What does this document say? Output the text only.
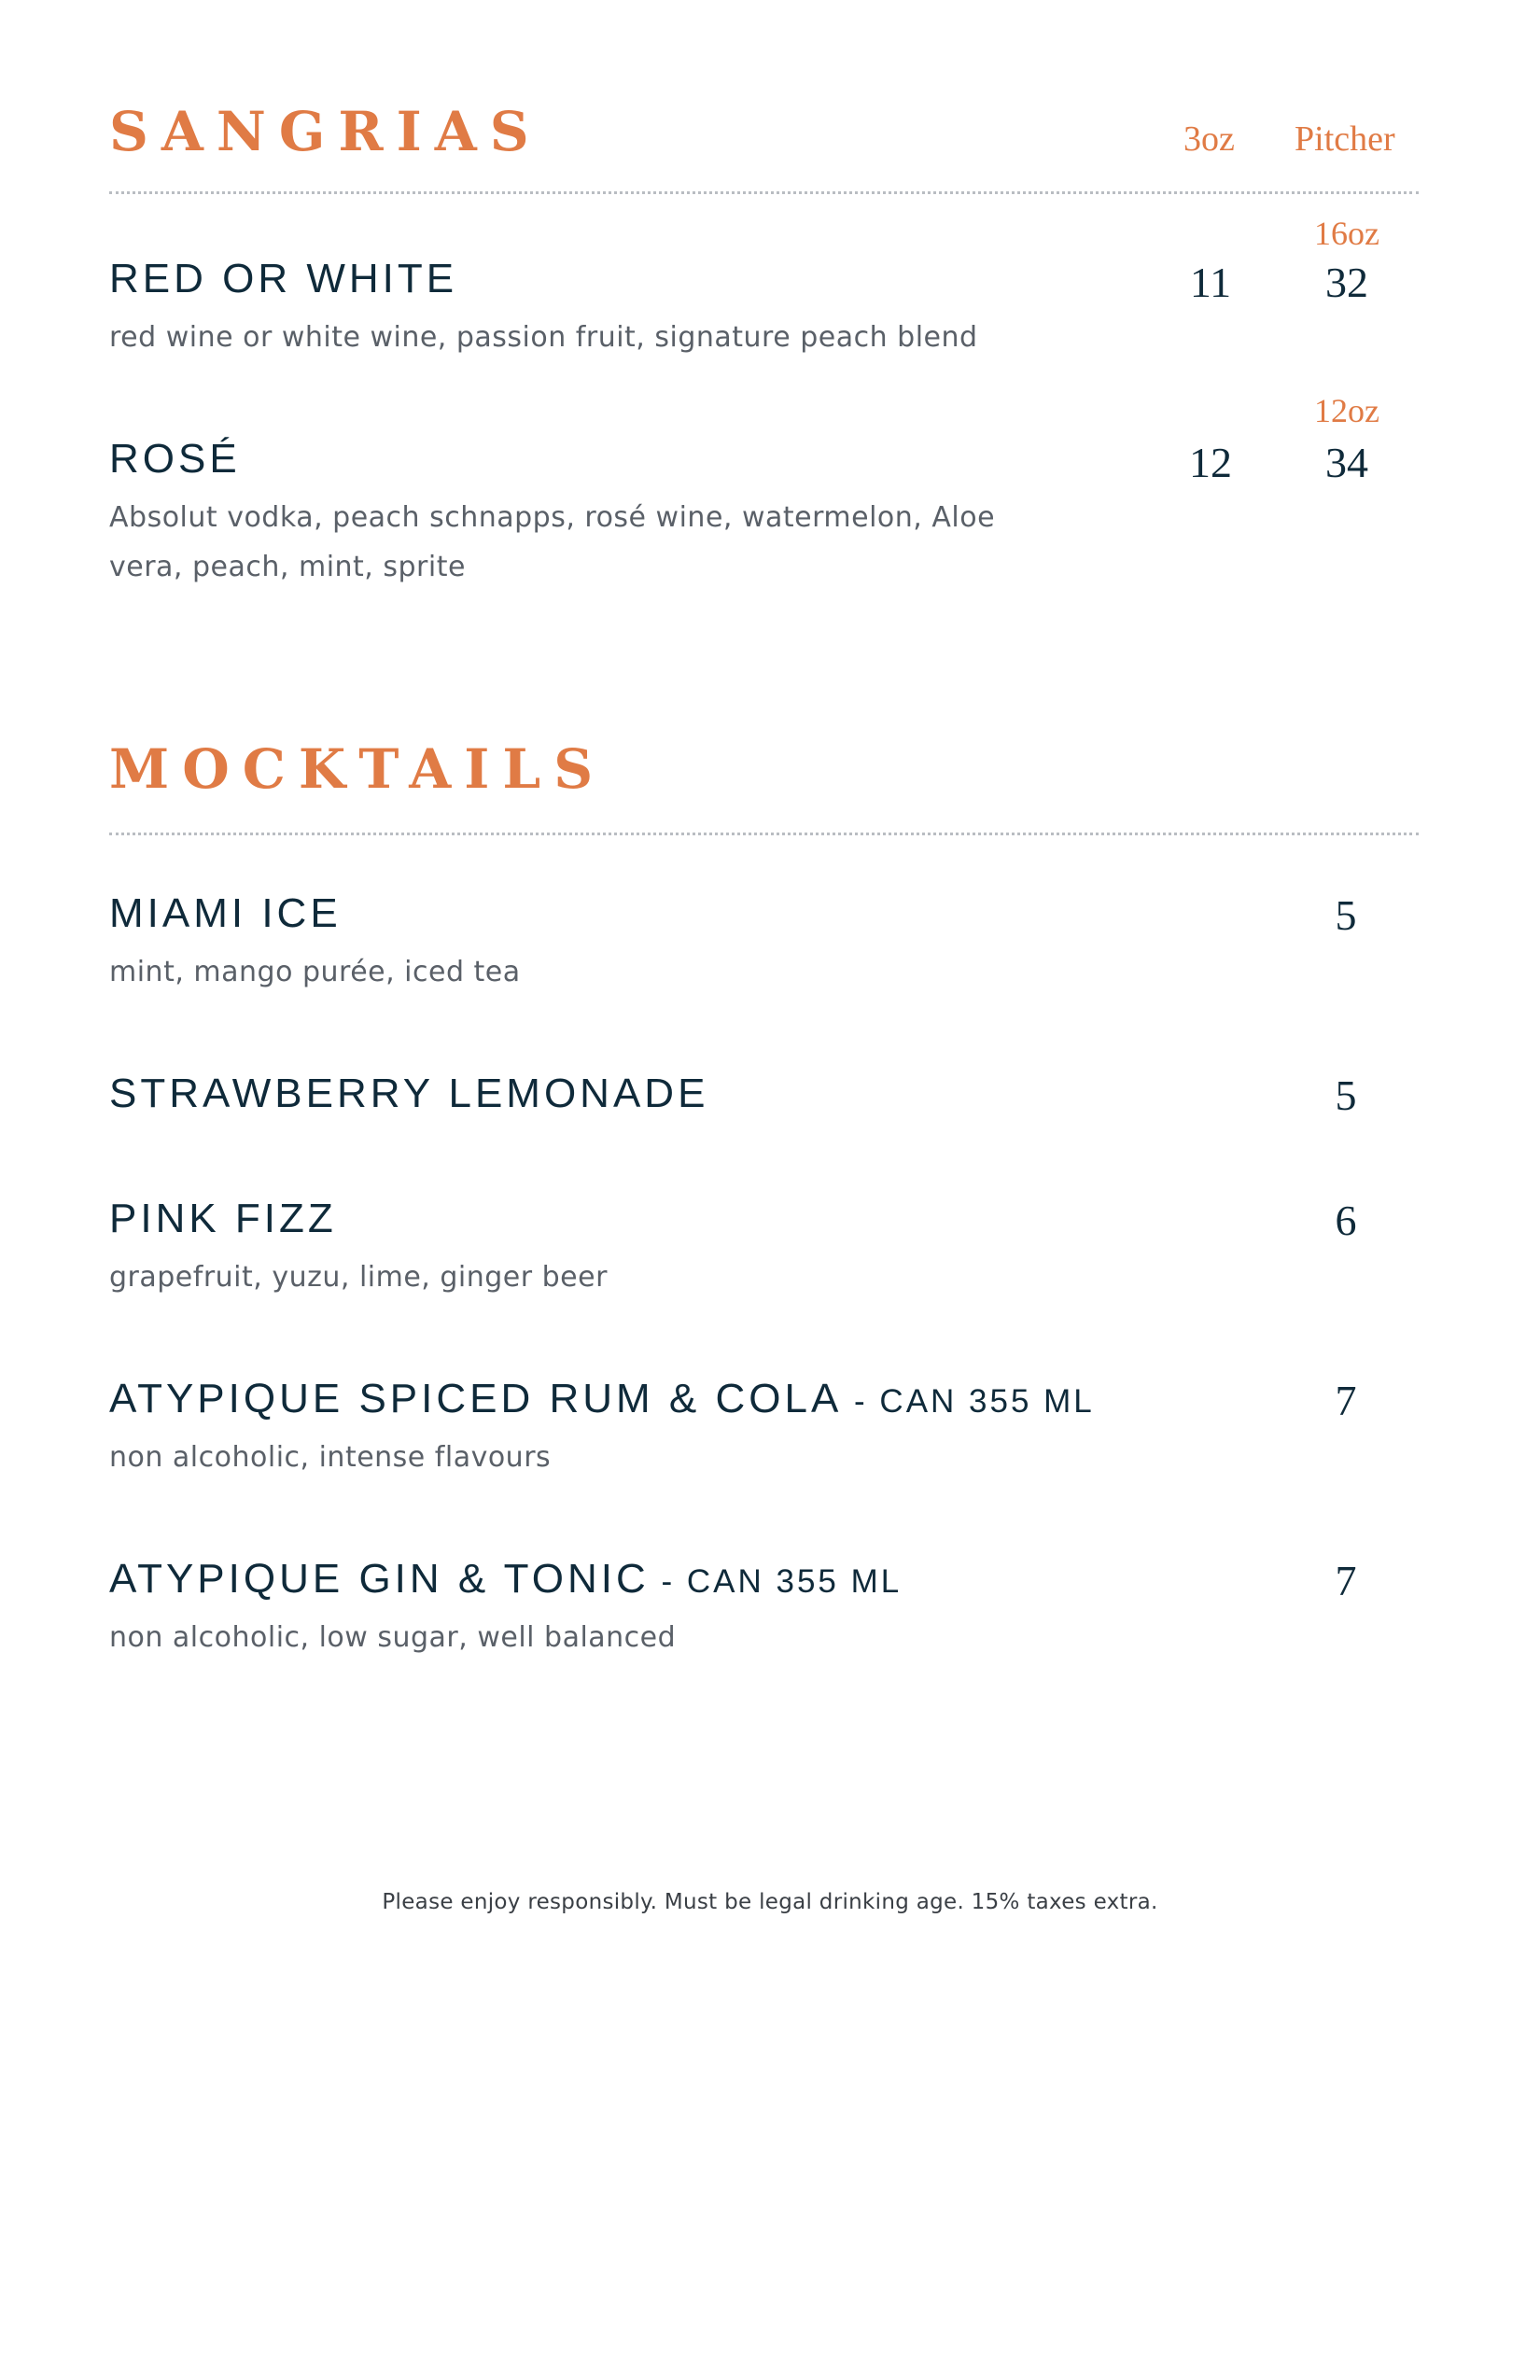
SANGRIAS	3oz Pitcher
16oz
RED OR WHITE
red wine or white wine, passion fruit, signature peach blend
11	32
12oz
ROSÉ
Absolut vodka, peach schnapps, rosé wine, watermelon, Aloe vera, peach, mint, sprite
12	34
MOCKTAILS
MIAMI ICE
mint, mango purée, iced tea
5
STRAWBERRY LEMONADE	5
PINK FIZZ
grapefruit, yuzu, lime, ginger beer
6
ATYPIQUE SPICED RUM & COLA - CAN 355 ML
non alcoholic, intense flavours
7
ATYPIQUE GIN & TONIC - CAN 355 ML
non alcoholic, low sugar, well balanced
7
Please enjoy responsibly. Must be legal drinking age. 15% taxes extra.
